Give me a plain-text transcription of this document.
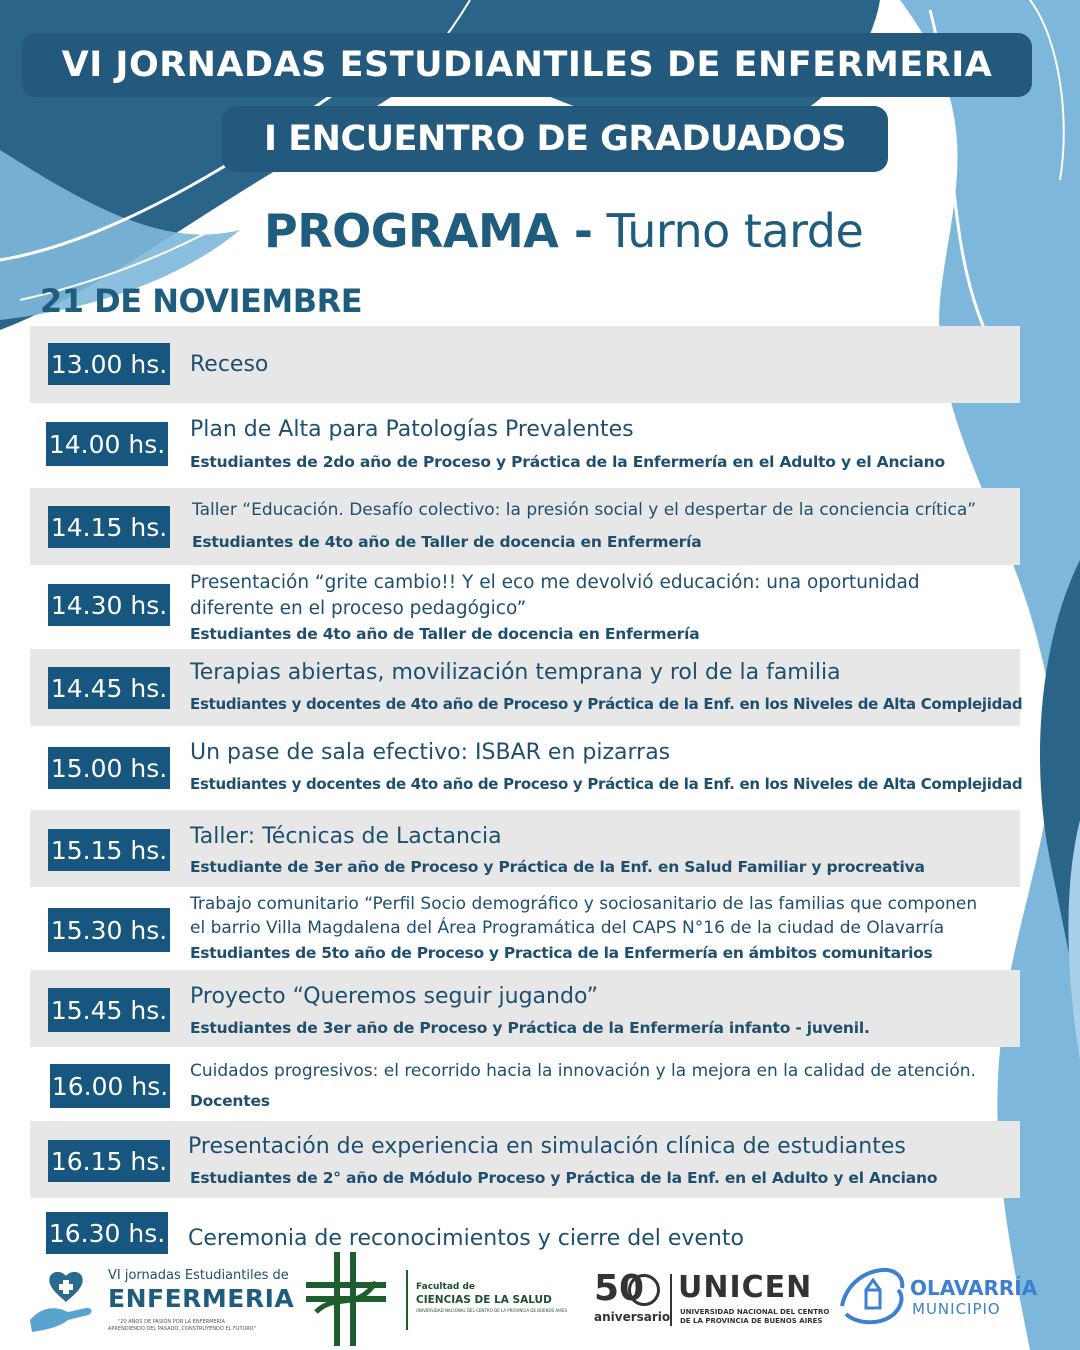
VI JORNADAS ESTUDIANTILES DE ENFERMERIA
I ENCUENTRO DE GRADUADOS
PROGRAMA - Turno tarde
21 DE NOVIEMBRE
13.00 hs. Receso
14.00 hs. Plan de Alta para Patologías Prevalentes
Estudiantes de 2do año de Proceso y Práctica de la Enfermería en el Adulto y el Anciano
14.15 hs.
Taller “Educación. Desafío colectivo: la presión social y el despertar de la conciencia crítica”
Estudiantes de 4to año de Taller de docencia en Enfermería
14.30 hs.
Presentación “grite cambio!! Y el eco me devolvió educación: una oportunidad
diferente en el proceso pedagógico”
Estudiantes de 4to año de Taller de docencia en Enfermería
14.45 hs.
Terapias abiertas, movilización temprana y rol de la familia
Estudiantes y docentes de 4to año de Proceso y Práctica de la Enf. en los Niveles de Alta Complejidad
15.00 hs.
Un pase de sala efectivo: ISBAR en pizarras
Estudiantes y docentes de 4to año de Proceso y Práctica de la Enf. en los Niveles de Alta Complejidad
15.15 hs. Taller: Técnicas de Lactancia
Estudiante de 3er año de Proceso y Práctica de la Enf. en Salud Familiar y procreativa
15.30 hs.
Trabajo comunitario “Perfil Socio demográfico y sociosanitario de las familias que componen
el barrio Villa Magdalena del Área Programática del CAPS N°16 de la ciudad de Olavarría
Estudiantes de 5to año de Proceso y Practica de la Enfermería en ámbitos comunitarios
15.45 hs. Proyecto “Queremos seguir jugando”
Estudiantes de 3er año de Proceso y Práctica de la Enfermería infanto - juvenil.
16.00 hs.
Cuidados progresivos: el recorrido hacia la innovación y la mejora en la calidad de atención.
Docentes
16.15 hs. Presentación de experiencia en simulación clínica de estudiantes
Estudiantes de 2° año de Módulo Proceso y Práctica de la Enf. en el Adulto y el Anciano
16.30 hs. Ceremonia de reconocimientos y cierre del evento
VI jornadas Estudiantiles de
ENFERMERIA
"20 AÑOS DE PASIÓN POR LA ENFERMERÍA
APRENDIENDO DEL PASADO, CONSTRUYENDO EL FUTURO"
Facultad de
CIENCIAS DE LA SALUD
UNIVERSIDAD NACIONAL DEL CENTRO DE LA PROVINCIA DE BUENOS AIRES
50
aniversario
UNICEN
UNIVERSIDAD NACIONAL DEL CENTRO
DE LA PROVINCIA DE BUENOS AIRES
OLAVARRÍA
MUNICIPIO
